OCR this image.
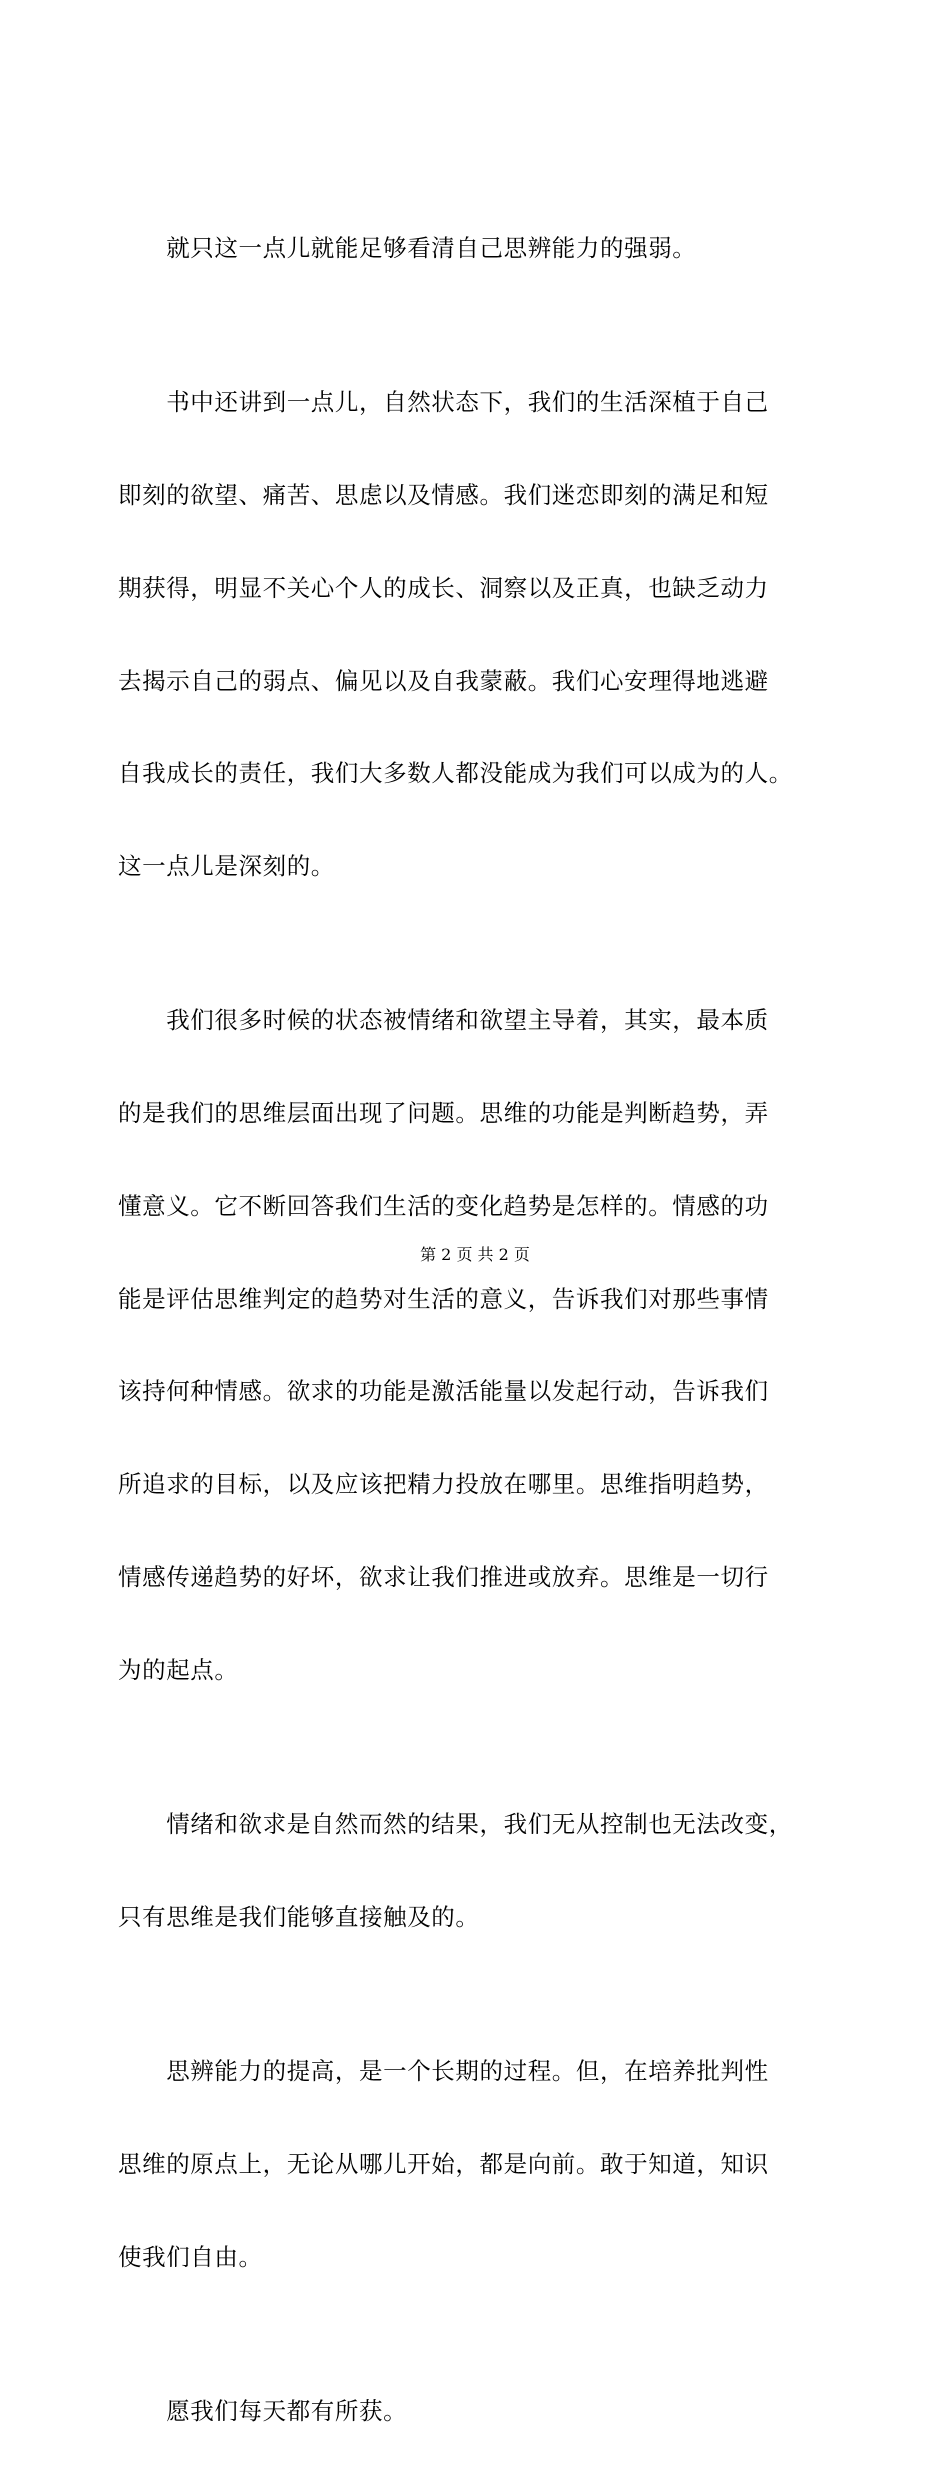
　　就只这一点儿就能足够看清自己思辨能力的强弱。

　　书中还讲到一点儿，自然状态下，我们的生活深植于自己

即刻的欲望、痛苦、思虑以及情感。我们迷恋即刻的满足和短

期获得，明显不关心个人的成长、洞察以及正真，也缺乏动力

去揭示自己的弱点、偏见以及自我蒙蔽。我们心安理得地逃避

自我成长的责任，我们大多数人都没能成为我们可以成为的人。

这一点儿是深刻的。

　　我们很多时候的状态被情绪和欲望主导着，其实，最本质

的是我们的思维层面出现了问题。思维的功能是判断趋势，弄

懂意义。它不断回答我们生活的变化趋势是怎样的。情感的功

能是评估思维判定的趋势对生活的意义，告诉我们对那些事情

该持何种情感。欲求的功能是激活能量以发起行动，告诉我们

所追求的目标，以及应该把精力投放在哪里。思维指明趋势，

情感传递趋势的好坏，欲求让我们推进或放弃。思维是一切行

为的起点。

　　情绪和欲求是自然而然的结果，我们无从控制也无法改变，

只有思维是我们能够直接触及的。

　　思辨能力的提高，是一个长期的过程。但，在培养批判性

思维的原点上，无论从哪儿开始，都是向前。敢于知道，知识

使我们自由。

　　愿我们每天都有所获。

第 2 页 共 2 页
